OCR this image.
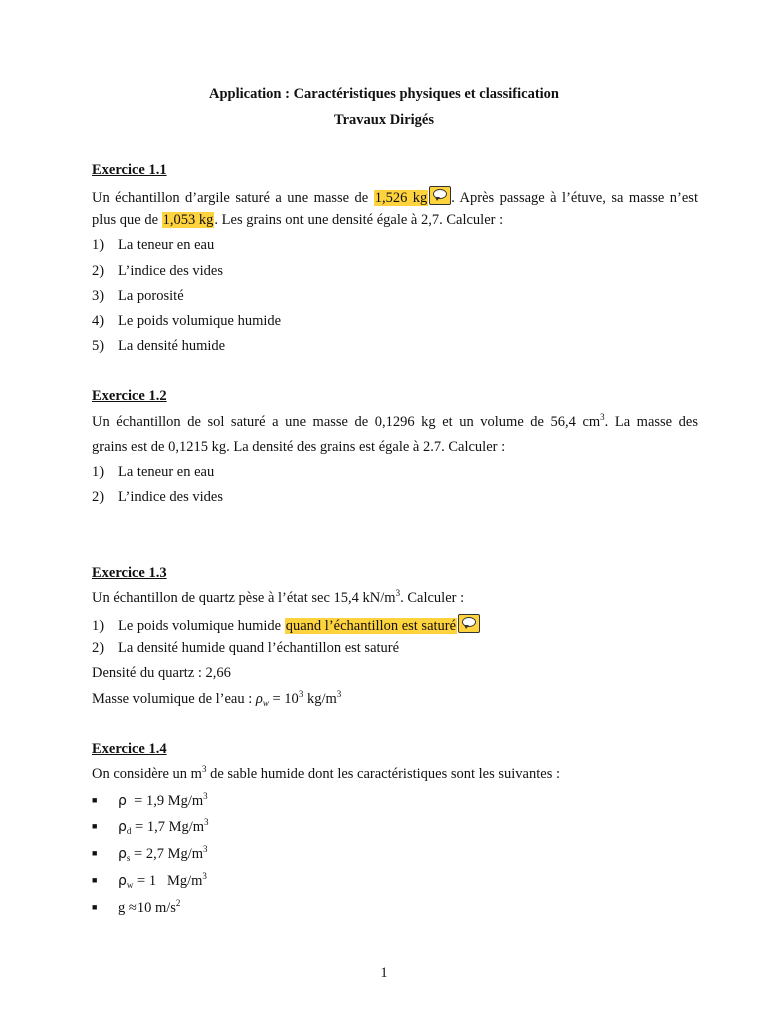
Application : Caractéristiques physiques et classification
Travaux Dirigés
Exercice 1.1
Un échantillon d’argile saturé a une masse de 1,526 kg . Après passage à l’étuve, sa masse n’est
plus que de 1,053 kg. Les grains ont une densité égale à 2,7. Calculer :
1) La teneur en eau
2) L’indice des vides
3) La porosité
4) Le poids volumique humide
5) La densité humide
Exercice 1.2
Un échantillon de sol saturé a une masse de 0,1296 kg et un volume de 56,4 $cm^3$. La masse des
grains est de 0,1215 kg. La densité des grains est égale à 2.7. Calculer :
1) La teneur en eau
2) L’indice des vides
Exercice 1.3
Un échantillon de quartz pèse à l’état sec 15,4 $kN/m^3$. Calculer :
1) Le poids volumique humide quand l’échantillon est saturé
2) La densité humide quand l’échantillon est saturé
Densité du quartz : 2,66
Masse volumique de l’eau : $\rho_w = 10^3$ $kg/m^3$
Exercice 1.4
On considère un $m^3$ de sable humide dont les caractéristiques sont les suivantes :
■ ρ  = 1,9 $Mg/m^3$
■ $\rho_d = 1,7$ $Mg/m^3$
■ $\rho_s = 2,7$ $Mg/m^3$
■ $\rho_w = 1$   $Mg/m^3$
■ g ≈10 $m/s^2$
1
